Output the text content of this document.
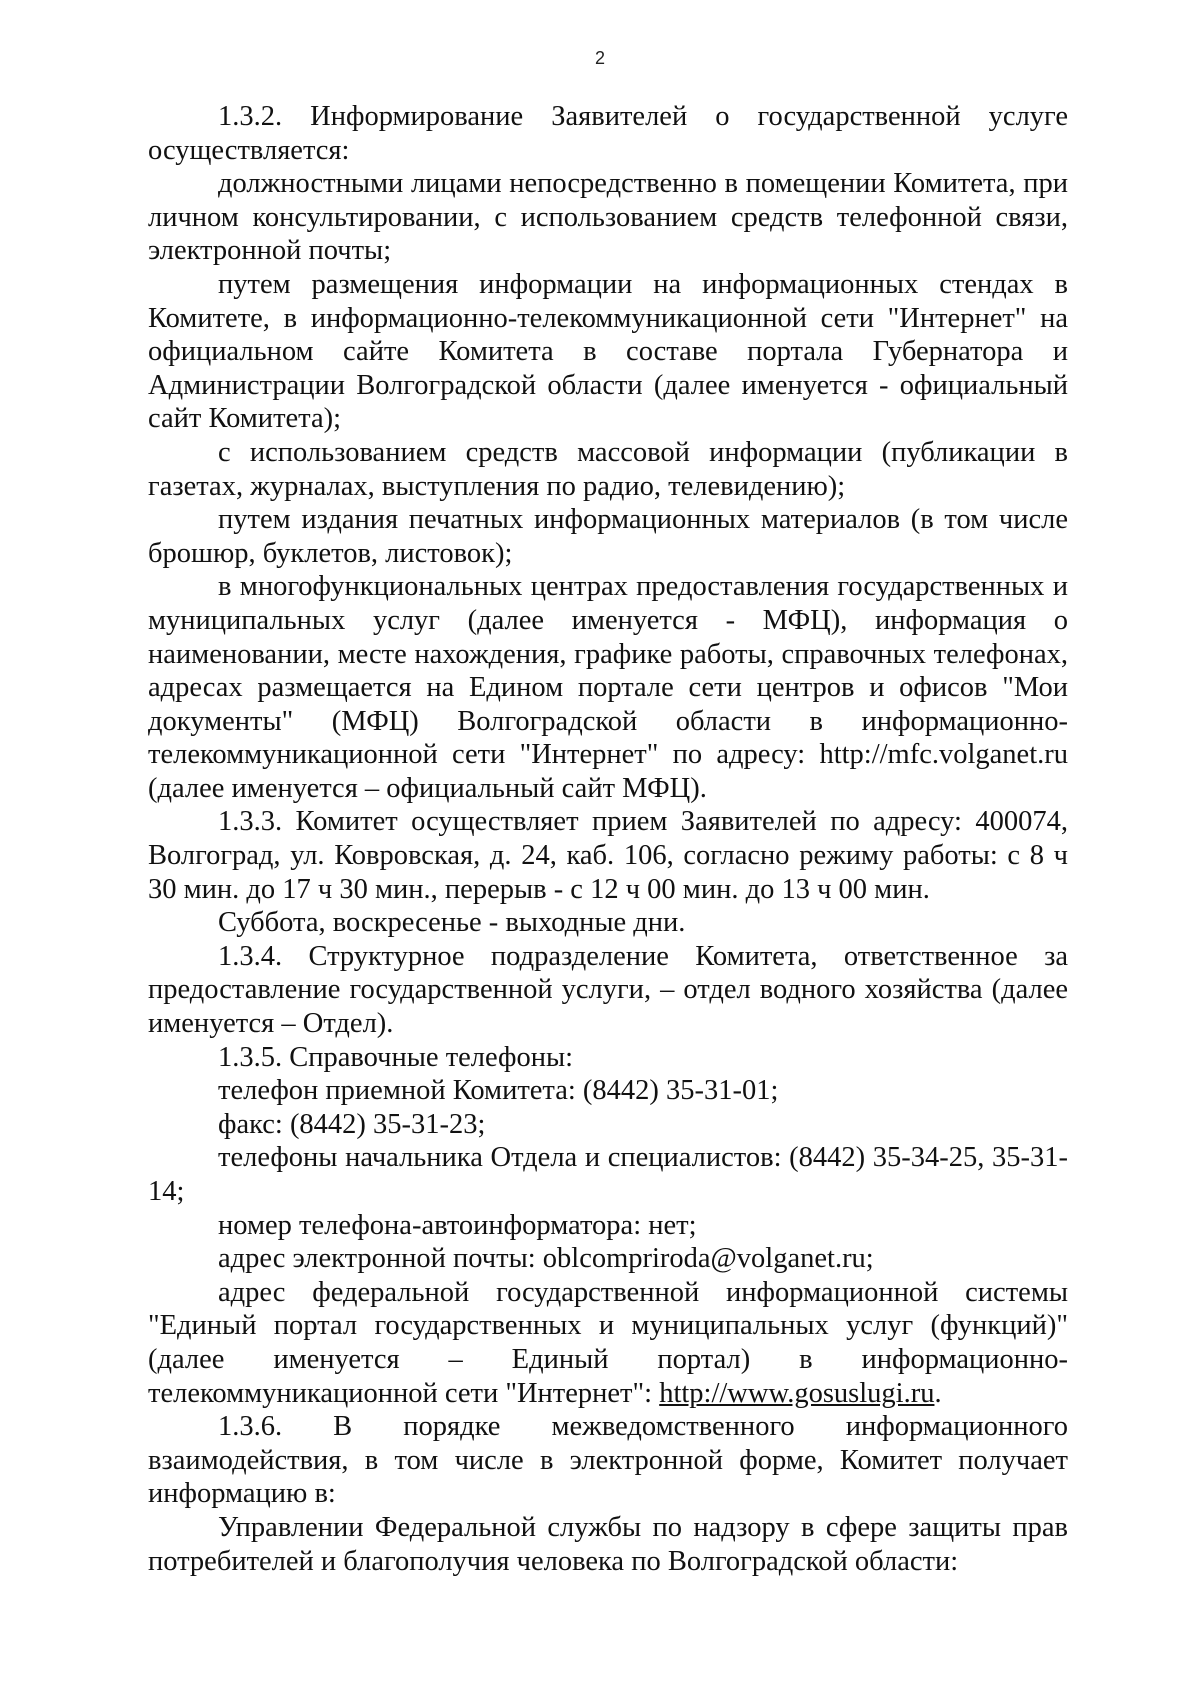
2

1.3.2. Информирование Заявителей о государственной услуге осуществляется:

должностными лицами непосредственно в помещении Комитета, при личном консультировании, с использованием средств телефонной связи, электронной почты;

путем размещения информации на информационных стендах в Комитете, в информационно-телекоммуникационной сети "Интернет" на официальном сайте Комитета в составе портала Губернатора и Администрации Волгоградской области (далее именуется - официальный сайт Комитета);

с использованием средств массовой информации (публикации в газетах, журналах, выступления по радио, телевидению);

путем издания печатных информационных материалов (в том числе брошюр, буклетов, листовок);

в многофункциональных центрах предоставления государственных и муниципальных услуг (далее именуется - МФЦ), информация о наименовании, месте нахождения, графике работы, справочных телефонах, адресах размещается на Едином портале сети центров и офисов "Мои документы" (МФЦ) Волгоградской области в информационно-телекоммуникационной сети "Интернет" по адресу: http://mfc.volganet.ru (далее именуется – официальный сайт МФЦ).

1.3.3. Комитет осуществляет прием Заявителей по адресу: 400074, Волгоград, ул. Ковровская, д. 24, каб. 106, согласно режиму работы: с 8 ч 30 мин. до 17 ч 30 мин., перерыв - с 12 ч 00 мин. до 13 ч 00 мин.

Суббота, воскресенье - выходные дни.

1.3.4. Структурное подразделение Комитета, ответственное за предоставление государственной услуги, – отдел водного хозяйства (далее именуется – Отдел).

1.3.5. Справочные телефоны:

телефон приемной Комитета: (8442) 35-31-01;

факс: (8442) 35-31-23;

телефоны начальника Отдела и специалистов: (8442) 35-34-25, 35-31-14;

номер телефона-автоинформатора: нет;

адрес электронной почты: oblcompriroda@volganet.ru;

адрес федеральной государственной информационной системы "Единый портал государственных и муниципальных услуг (функций)" (далее именуется – Единый портал) в информационно-телекоммуникационной сети "Интернет": http://www.gosuslugi.ru.

1.3.6. В порядке межведомственного информационного взаимодействия, в том числе в электронной форме, Комитет получает информацию в:

Управлении Федеральной службы по надзору в сфере защиты прав потребителей и благополучия человека по Волгоградской области:
